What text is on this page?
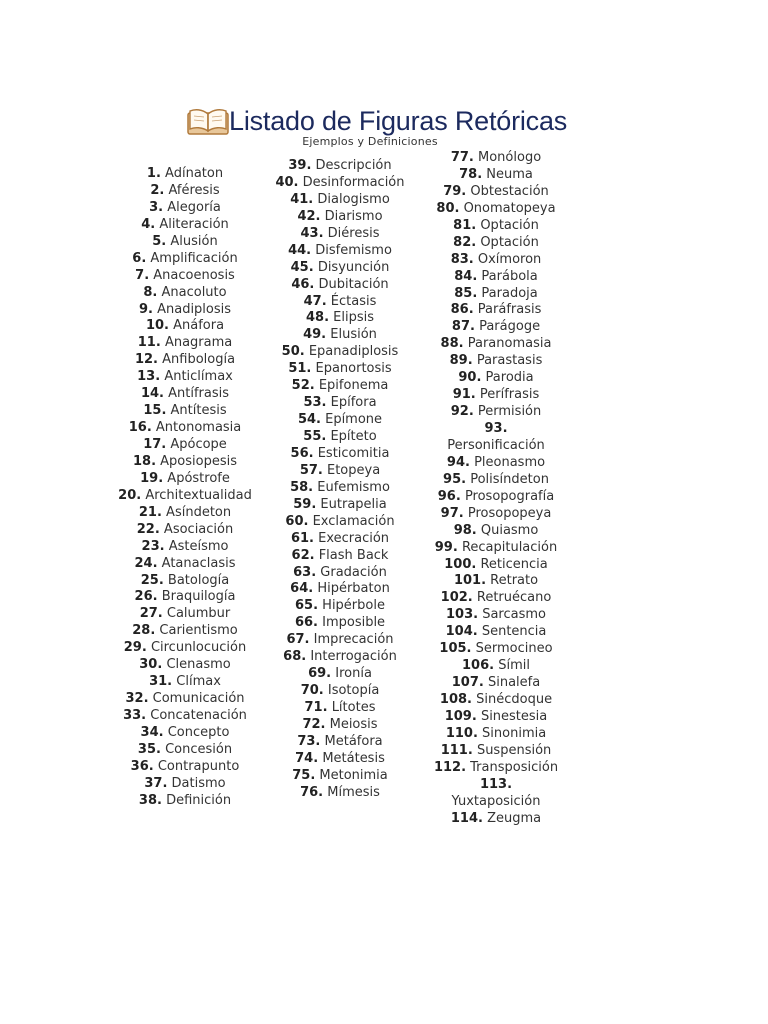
Listado de Figuras Retóricas
Ejemplos y Definiciones
1. Adínaton
2. Aféresis
3. Alegoría
4. Aliteración
5. Alusión
6. Amplificación
7. Anacoenosis
8. Anacoluto
9. Anadiplosis
10. Anáfora
11. Anagrama
12. Anfibología
13. Anticlímax
14. Antífrasis
15. Antítesis
16. Antonomasia
17. Apócope
18. Aposiopesis
19. Apóstrofe
20. Architextualidad
21. Asíndeton
22. Asociación
23. Asteísmo
24. Atanaclasis
25. Batología
26. Braquilogía
27. Calumbur
28. Carientismo
29. Circunlocución
30. Clenasmo
31. Clímax
32. Comunicación
33. Concatenación
34. Concepto
35. Concesión
36. Contrapunto
37. Datismo
38. Definición
39. Descripción
40. Desinformación
41. Dialogismo
42. Diarismo
43. Diéresis
44. Disfemismo
45. Disyunción
46. Dubitación
47. Éctasis
48. Elipsis
49. Elusión
50. Epanadiplosis
51. Epanortosis
52. Epifonema
53. Epífora
54. Epímone
55. Epíteto
56. Esticomitia
57. Etopeya
58. Eufemismo
59. Eutrapelia
60. Exclamación
61. Execración
62. Flash Back
63. Gradación
64. Hipérbaton
65. Hipérbole
66. Imposible
67. Imprecación
68. Interrogación
69. Ironía
70. Isotopía
71. Lítotes
72. Meiosis
73. Metáfora
74. Metátesis
75. Metonimia
76. Mímesis
77. Monólogo
78. Neuma
79. Obtestación
80. Onomatopeya
81. Optación
82. Optación
83. Oxímoron
84. Parábola
85. Paradoja
86. Paráfrasis
87. Parágoge
88. Paranomasia
89. Parastasis
90. Parodia
91. Perífrasis
92. Permisión
93.
Personificación
94. Pleonasmo
95. Polisíndeton
96. Prosopografía
97. Prosopopeya
98. Quiasmo
99. Recapitulación
100. Reticencia
101. Retrato
102. Retruécano
103. Sarcasmo
104. Sentencia
105. Sermocineo
106. Símil
107. Sinalefa
108. Sinécdoque
109. Sinestesia
110. Sinonimia
111. Suspensión
112. Transposición
113.
Yuxtaposición
114. Zeugma
